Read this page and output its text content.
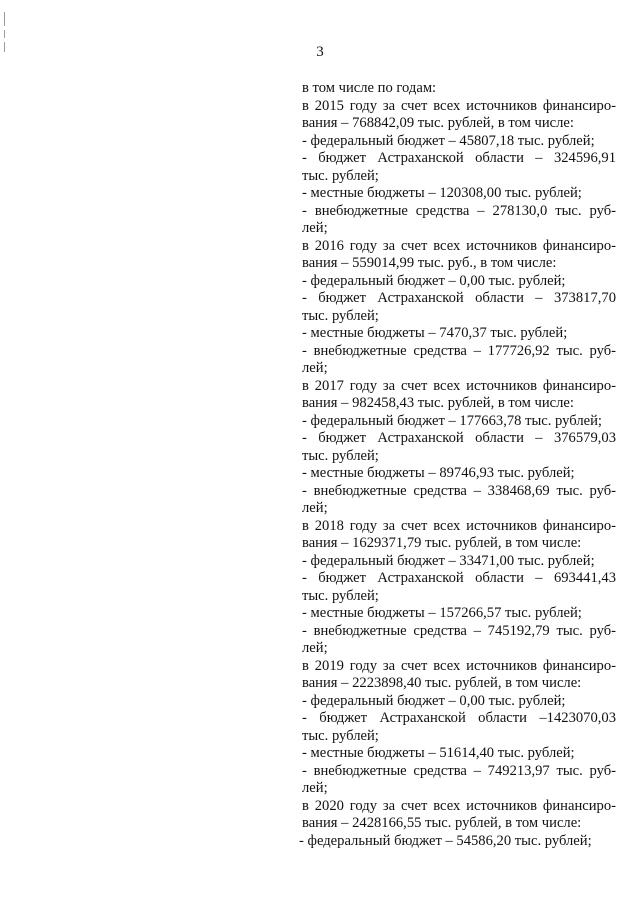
3
в том числе по годам:
в 2015 году за счет всех источников финансиро-
вания – 768842,09 тыс. рублей, в том числе:
- федеральный бюджет – 45807,18 тыс. рублей;
- бюджет Астраханской области – 324596,91
тыс. рублей;
- местные бюджеты – 120308,00 тыс. рублей;
- внебюджетные средства – 278130,0 тыс. руб-
лей;
в 2016 году за счет всех источников финансиро-
вания – 559014,99 тыс. руб., в том числе:
- федеральный бюджет – 0,00 тыс. рублей;
- бюджет Астраханской области – 373817,70
тыс. рублей;
- местные бюджеты – 7470,37 тыс. рублей;
- внебюджетные средства – 177726,92 тыс. руб-
лей;
в 2017 году за счет всех источников финансиро-
вания – 982458,43 тыс. рублей, в том числе:
- федеральный бюджет – 177663,78 тыс. рублей;
- бюджет Астраханской области – 376579,03
тыс. рублей;
- местные бюджеты – 89746,93 тыс. рублей;
- внебюджетные средства – 338468,69 тыс. руб-
лей;
в 2018 году за счет всех источников финансиро-
вания – 1629371,79 тыс. рублей, в том числе:
- федеральный бюджет – 33471,00 тыс. рублей;
- бюджет Астраханской области – 693441,43
тыс. рублей;
- местные бюджеты – 157266,57 тыс. рублей;
- внебюджетные средства – 745192,79 тыс. руб-
лей;
в 2019 году за счет всех источников финансиро-
вания – 2223898,40 тыс. рублей, в том числе:
- федеральный бюджет – 0,00 тыс. рублей;
- бюджет Астраханской области –1423070,03
тыс. рублей;
- местные бюджеты – 51614,40 тыс. рублей;
- внебюджетные средства – 749213,97 тыс. руб-
лей;
в 2020 году за счет всех источников финансиро-
вания – 2428166,55 тыс. рублей, в том числе:
- федеральный бюджет – 54586,20 тыс. рублей;
